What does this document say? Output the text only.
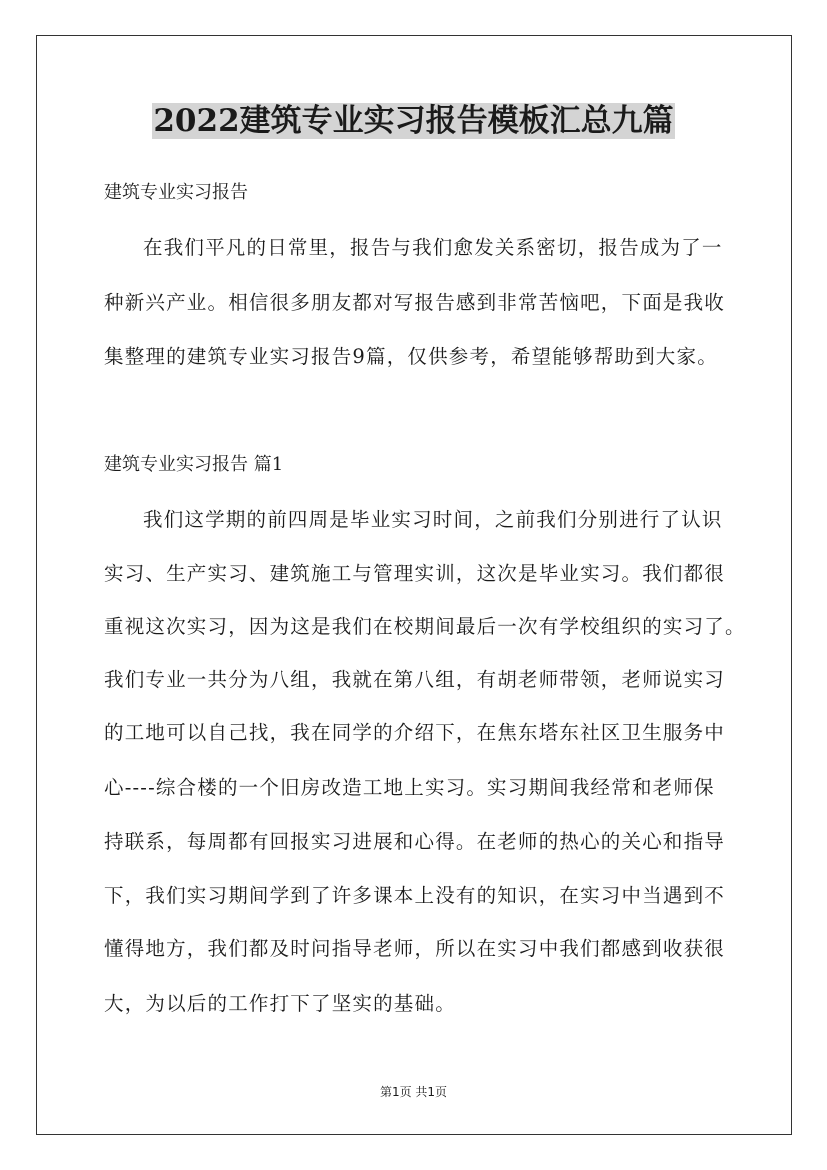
2022建筑专业实习报告模板汇总九篇
建筑专业实习报告
在我们平凡的日常里，报告与我们愈发关系密切，报告成为了一
种新兴产业。相信很多朋友都对写报告感到非常苦恼吧，下面是我收
集整理的建筑专业实习报告9篇，仅供参考，希望能够帮助到大家。
建筑专业实习报告 篇1
我们这学期的前四周是毕业实习时间，之前我们分别进行了认识
实习、生产实习、建筑施工与管理实训，这次是毕业实习。我们都很
重视这次实习，因为这是我们在校期间最后一次有学校组织的实习了。
我们专业一共分为八组，我就在第八组，有胡老师带领，老师说实习
的工地可以自己找，我在同学的介绍下，在焦东塔东社区卫生服务中
心----综合楼的一个旧房改造工地上实习。实习期间我经常和老师保
持联系，每周都有回报实习进展和心得。在老师的热心的关心和指导
下，我们实习期间学到了许多课本上没有的知识，在实习中当遇到不
懂得地方，我们都及时问指导老师，所以在实习中我们都感到收获很
大，为以后的工作打下了坚实的基础。
第1页 共1页
